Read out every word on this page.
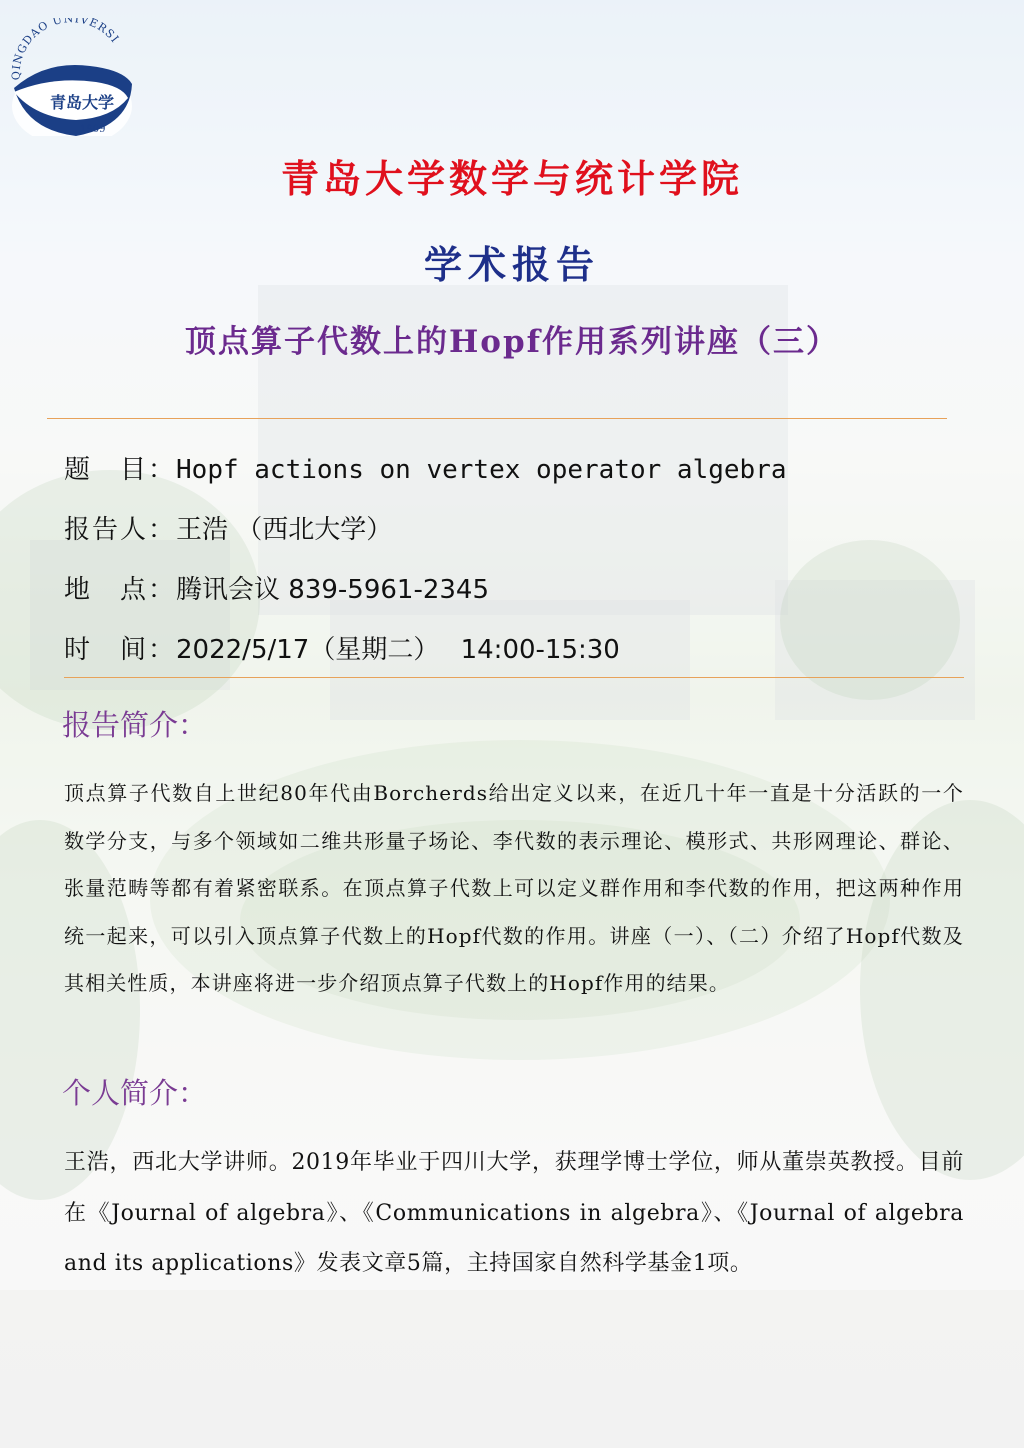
QINGDAO UNIVERSI
青岛大学
1909
青岛大学数学与统计学院
学术报告
顶点算子代数上的Hopf作用系列讲座（三）
题　目：Hopf actions on vertex operator algebra
报告人：王浩 （西北大学）
地　点：腾讯会议 839-5961-2345
时　间：2022/5/17（星期二）　 14:00-15:30
报告简介：
顶点算子代数自上世纪80年代由Borcherds给出定义以来，在近几十年一直是十分活跃的一个数学分支，与多个领域如二维共形量子场论、李代数的表示理论、模形式、共形网理论、群论、张量范畴等都有着紧密联系。在顶点算子代数上可以定义群作用和李代数的作用，把这两种作用统一起来，可以引入顶点算子代数上的Hopf代数的作用。讲座（一）、（二）介绍了Hopf代数及其相关性质，本讲座将进一步介绍顶点算子代数上的Hopf作用的结果。
个人简介：
王浩，西北大学讲师。2019年毕业于四川大学，获理学博士学位，师从董崇英教授。目前在《Journal of algebra》、《Communications in algebra》、《Journal of algebra and its applications》发表文章5篇，主持国家自然科学基金1项。
